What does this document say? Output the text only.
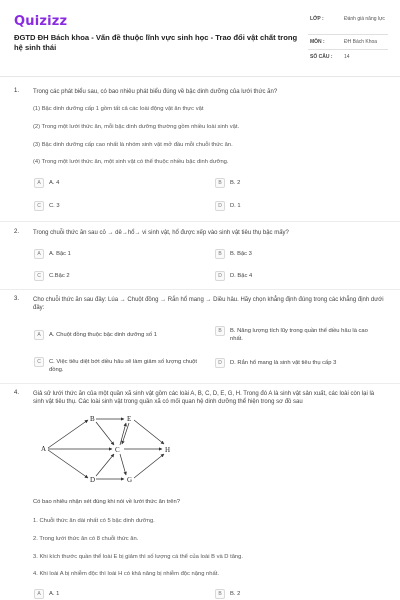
Quizizz
ĐGTD ĐH Bách khoa - Vấn đề thuộc lĩnh vực sinh học - Trao đổi vật chất trong hệ sinh thái
LỚP :	Đánh giá năng lực
MÔN :	ĐH Bách Khoa
SỐ CÂU : 14
1. Trong các phát biểu sau, có bao nhiêu phát biểu đúng về bậc dinh dưỡng của lưới thức ăn?
(1) Bậc dinh dưỡng cấp 1 gồm tất cả các loài động vật ăn thực vật
(2) Trong một lưới thức ăn, mỗi bậc dinh dưỡng thường gồm nhiều loài sinh vật.
(3) Bậc dinh dưỡng cấp cao nhất là nhóm sinh vật mở đầu mỗi chuỗi thức ăn.
(4) Trong một lưới thức ăn, một sinh vật có thể thuộc nhiều bậc dinh dưỡng.
A	A. 4	B	B. 2
C	C. 3	D	D. 1
2. Trong chuỗi thức ăn sau cỏ → dê→hổ→ vi sinh vật, hổ được xếp vào sinh vật tiêu thụ bậc mấy?
A	A. Bậc 1	B	B. Bậc 3
C	C.Bậc 2	D	D. Bậc 4
3. Cho chuỗi thức ăn sau đây: Lúa → Chuột đồng → Rắn hổ mang → Diều hâu. Hãy chọn khẳng định đúng trong các khẳng định dưới đây:
A	A. Chuột đồng thuộc bậc dinh dưỡng số 1
B	B. Năng lượng tích lũy trong quần thể diều hâu là cao nhất.
C	C. Việc tiêu diệt bớt diều hâu sẽ làm giảm số lượng chuột đồng.
D	D. Rắn hổ mang là sinh vật tiêu thụ cấp 3
4. Giả sử lưới thức ăn của một quần xã sinh vật gồm các loài A, B, C, D, E, G, H. Trong đó A là sinh vật sản xuất, các loài còn lại là sinh vật tiêu thụ. Các loài sinh vật trong quần xã có mối quan hệ dinh dưỡng thể hiện trong sơ đồ sau
A
B
C
D
E
G
H
Có bao nhiêu nhận xét đúng khi nói về lưới thức ăn trên?
1. Chuỗi thức ăn dài nhất có 5 bậc dinh dưỡng.
2. Trong lưới thức ăn có 8 chuỗi thức ăn.
3. Khi kích thước quần thể loài E bị giảm thì số lượng cá thể của loài B và D tăng.
4. Khi loài A bị nhiễm độc thì loài H có khả năng bị nhiễm độc nặng nhất.
A	A. 1	B	B. 2
